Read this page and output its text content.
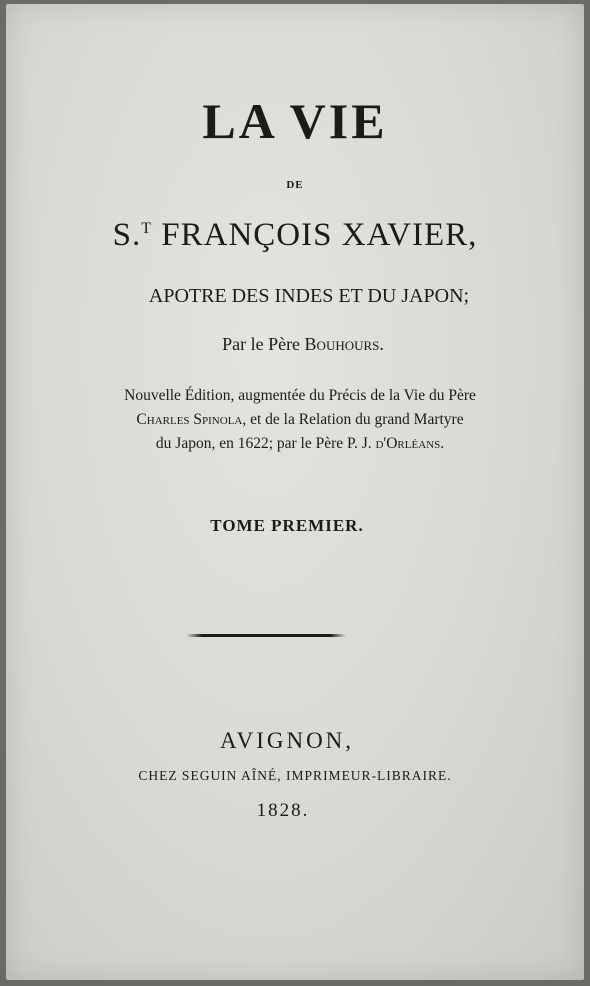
LA VIE
DE
S.$^T$ FRANÇOIS XAVIER,
APOTRE DES INDES ET DU JAPON;
Par le Père Bouhours.
Nouvelle Édition, augmentée du Précis de la Vie du Père
Charles Spinola, et de la Relation du grand Martyre
du Japon, en 1622; par le Père P. J. d'Orléans.
TOME PREMIER.
AVIGNON,
CHEZ SEGUIN AÎNÉ, IMPRIMEUR-LIBRAIRE.
1828.
